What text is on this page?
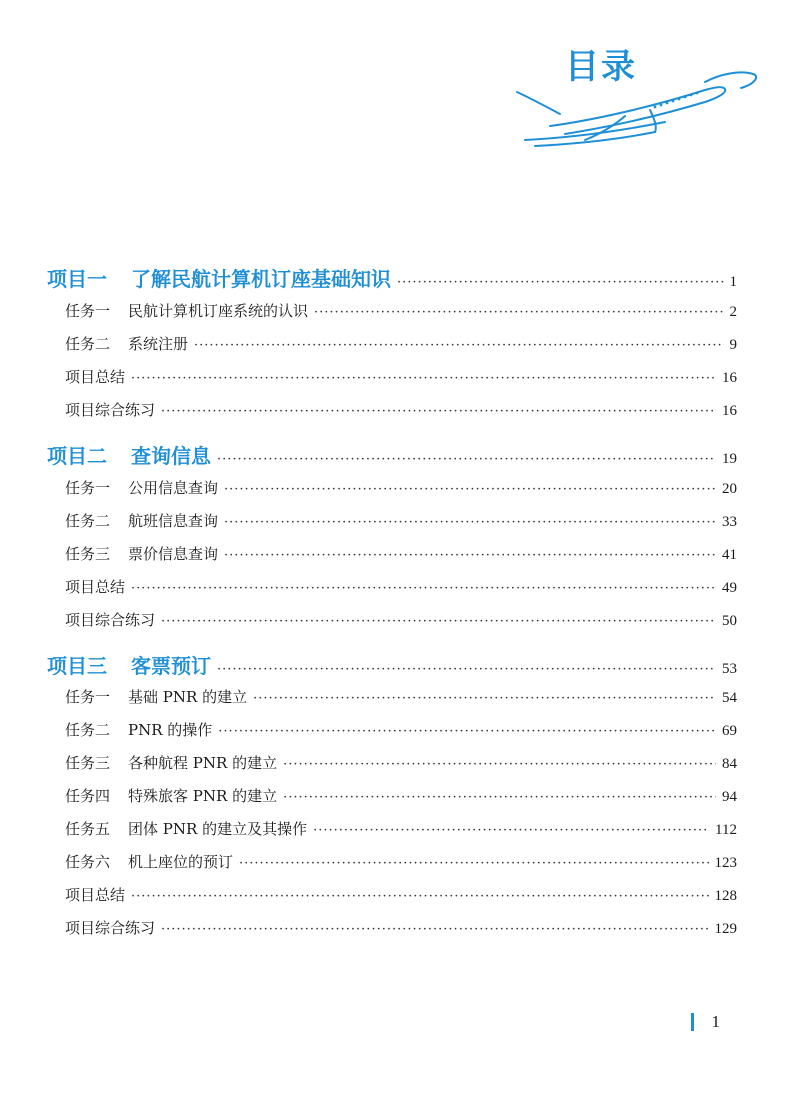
目录
项目一 了解民航计算机订座基础知识 ·····	1
任务一 民航计算机订座系统的认识 ·····	2
任务二 系统注册 ·····	9
项目总结 ·····	16
项目综合练习 ·····	16
项目二 查询信息 ·····	19
任务一 公用信息查询 ·····	20
任务二 航班信息查询 ·····	33
任务三 票价信息查询 ·····	41
项目总结 ·····	49
项目综合练习 ·····	50
项目三 客票预订 ·····	53
任务一 基础 PNR 的建立 ·····	54
任务二 PNR 的操作 ·····	69
任务三 各种航程 PNR 的建立 ·····	84
任务四 特殊旅客 PNR 的建立 ·····	94
任务五 团体 PNR 的建立及其操作 ·····	112
任务六 机上座位的预订 ·····	123
项目总结 ·····	128
项目综合练习 ·····	129
1
